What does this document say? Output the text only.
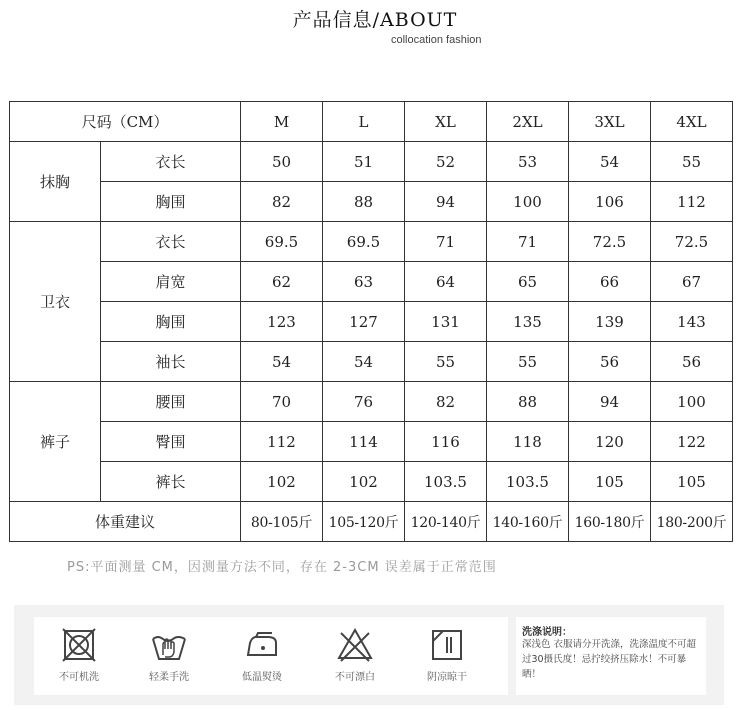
产品信息/ABOUT
collocation fashion
尺码（CM）		M	L	XL	2XL	3XL	4XL
抹胸	衣长	50	51	52	53	54	55
	胸围	82	88	94	100	106	112
卫衣	衣长	69.5	69.5	71	71	72.5	72.5
	肩宽	62	63	64	65	66	67
	胸围	123	127	131	135	139	143
	袖长	54	54	55	55	56	56
裤子	腰围	70	76	82	88	94	100
	臀围	112	114	116	118	120	122
	裤长	102	102	103.5	103.5	105	105
体重建议		80-105斤	105-120斤	120-140斤	140-160斤	160-180斤	180-200斤
PS:平面测量 CM，因测量方法不同，存在 2-3CM 误差属于正常范围
不可机洗	轻柔手洗	低温熨烫	不可漂白	阴凉晾干
洗涤说明：
深浅色 衣服请分开洗涤，洗涤温度不可超过30摄氏度！忌拧绞挤压除水！不可暴晒！
